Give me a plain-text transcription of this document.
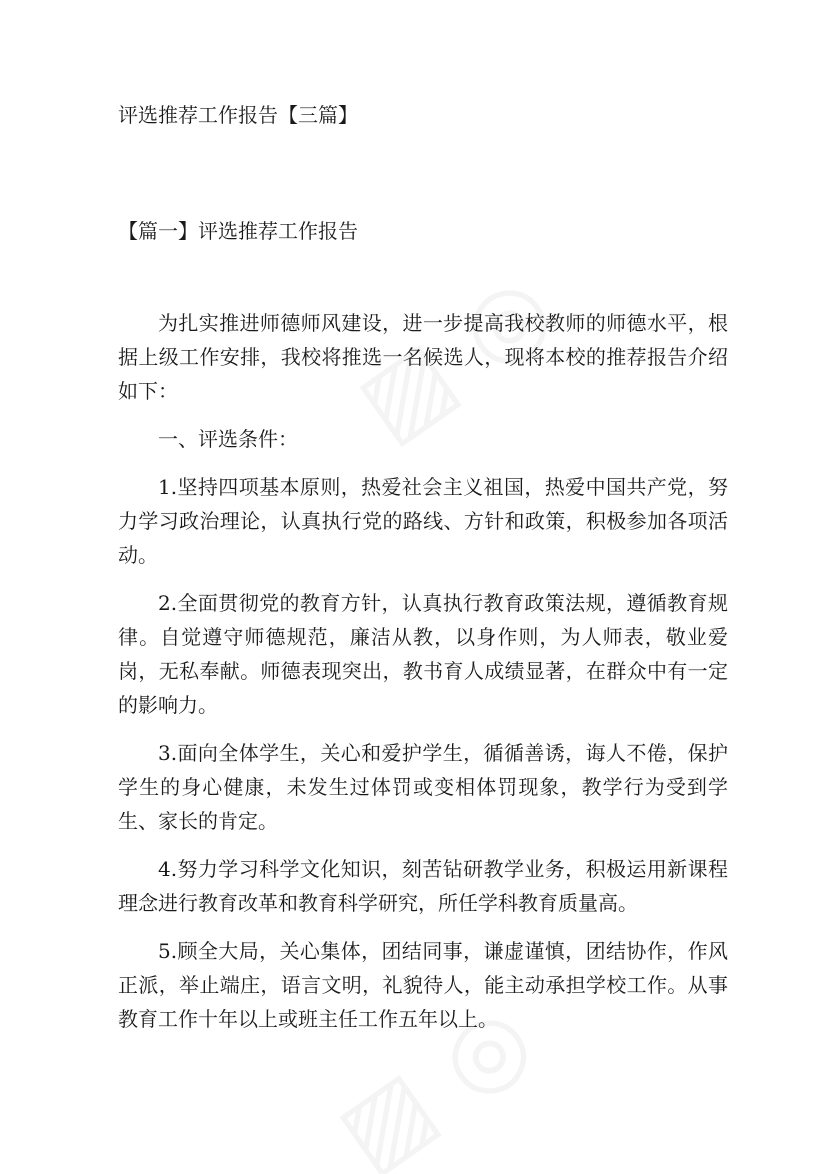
评选推荐工作报告【三篇】
【篇一】评选推荐工作报告

为扎实推进师德师风建设，进一步提高我校教师的师德水平，根据上级工作安排，我校将推选一名候选人，现将本校的推荐报告介绍如下：

一、评选条件：

1.坚持四项基本原则，热爱社会主义祖国，热爱中国共产党，努力学习政治理论，认真执行党的路线、方针和政策，积极参加各项活动。

2.全面贯彻党的教育方针，认真执行教育政策法规，遵循教育规律。自觉遵守师德规范，廉洁从教，以身作则，为人师表，敬业爱岗，无私奉献。师德表现突出，教书育人成绩显著，在群众中有一定的影响力。

3.面向全体学生，关心和爱护学生，循循善诱，诲人不倦，保护学生的身心健康，未发生过体罚或变相体罚现象，教学行为受到学生、家长的肯定。

4.努力学习科学文化知识，刻苦钻研教学业务，积极运用新课程理念进行教育改革和教育科学研究，所任学科教育质量高。

5.顾全大局，关心集体，团结同事，谦虚谨慎，团结协作，作风正派，举止端庄，语言文明，礼貌待人，能主动承担学校工作。从事教育工作十年以上或班主任工作五年以上。
